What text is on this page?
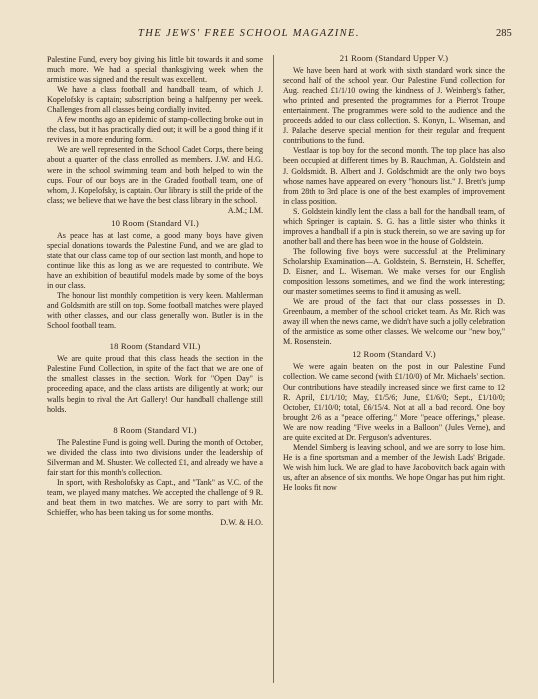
THE JEWS' FREE SCHOOL MAGAZINE.	285

Palestine Fund, every boy giving his little bit towards it and some much more. We had a special thanksgiving week when the armistice was signed and the result was excellent.

We have a class football and handball team, of which J. Kopelofsky is captain; subscription being a halfpenny per week. Challenges from all classes being cordially invited.

A few months ago an epidemic of stamp-collecting broke out in the class, but it has practically died out; it will be a good thing if it revives in a more enduring form.

We are well represented in the School Cadet Corps, there being about a quarter of the class enrolled as members. J.W. and H.G. were in the school swimming team and both helped to win the cups. Four of our boys are in the Graded football team, one of whom, J. Kopelofsky, is captain. Our library is still the pride of the class; we believe that we have the best class library in the school.

A.M.; I.M.

10 Room (Standard VI.)

As peace has at last come, a good many boys have given special donations towards the Palestine Fund, and we are glad to state that our class came top of our section last month, and hope to continue like this as long as we are requested to contribute. We have an exhibition of beautiful models made by some of the boys in our class.

The honour list monthly competition is very keen. Mahlerman and Goldsmith are still on top. Some football matches were played with other classes, and our class generally won. Butler is in the School football team.

18 Room (Standard VII.)

We are quite proud that this class heads the section in the Palestine Fund Collection, in spite of the fact that we are one of the smallest classes in the section. Work for "Open Day" is proceeding apace, and the class artists are diligently at work; our walls begin to rival the Art Gallery! Our handball challenge still holds.

8 Room (Standard VI.)

The Palestine Fund is going well. During the month of October, we divided the class into two divisions under the leadership of Silverman and M. Shuster. We collected £1, and already we have a fair start for this month's collection.

In sport, with Resholofsky as Capt., and "Tank" as V.C. of the team, we played many matches. We accepted the challenge of 9 R. and beat them in two matches. We are sorry to part with Mr. Schieffer, who has been taking us for some months.

D.W. & H.O.

21 Room (Standard Upper V.)

We have been hard at work with sixth standard work since the second half of the school year. Our Palestine Fund collection for Aug. reached £1/1/10 owing the kindness of J. Weinberg's father, who printed and presented the programmes for a Pierrot Troupe entertainment. The programmes were sold to the audience and the proceeds added to our class collection. S. Konyn, L. Wiseman, and J. Palache deserve special mention for their regular and frequent contributions to the fund.

Vestlaar is top boy for the second month. The top place has also been occupied at different times by B. Rauchman, A. Goldstein and J. Goldsmidt. B. Albert and J. Goldschmidt are the only two boys whose names have appeared on every "honours list." J. Brett's jump from 28th to 3rd place is one of the best examples of improvement in class position.

S. Goldstein kindly lent the class a ball for the handball team, of which Springer is captain. S. G. has a little sister who thinks it improves a handball if a pin is stuck therein, so we are saving up for another ball and there has been woe in the house of Goldstein.

The following five boys were successful at the Preliminary Scholarship Examination—A. Goldstein, S. Bernstein, H. Scheffer, D. Eisner, and L. Wiseman. We make verses for our English composition lessons sometimes, and we find the work interesting; our master sometimes seems to find it amusing as well.

We are proud of the fact that our class possesses in D. Greenbaum, a member of the school cricket team. As Mr. Rich was away ill when the news came, we didn't have such a jolly celebration of the armistice as some other classes. We welcome our "new boy," M. Rosenstein.

12 Room (Standard V.)

We were again beaten on the post in our Palestine Fund collection. We came second (with £1/10/0) of Mr. Michaels' section. Our contributions have steadily increased since we first came to 12 R. April, £1/1/10; May, £1/5/6; June, £1/6/0; Sept., £1/10/0; October, £1/10/0; total, £6/15/4. Not at all a bad record. One boy brought 2/6 as a "peace offering." More "peace offerings," please. We are now reading "Five weeks in a Balloon" (Jules Verne), and are quite excited at Dr. Ferguson's adventures.

Mendel Simberg is leaving school, and we are sorry to lose him. He is a fine sportsman and a member of the Jewish Lads' Brigade. We wish him luck. We are glad to have Jacobovitch back again with us, after an absence of six months. We hope Ongar has put him right. He looks fit now
